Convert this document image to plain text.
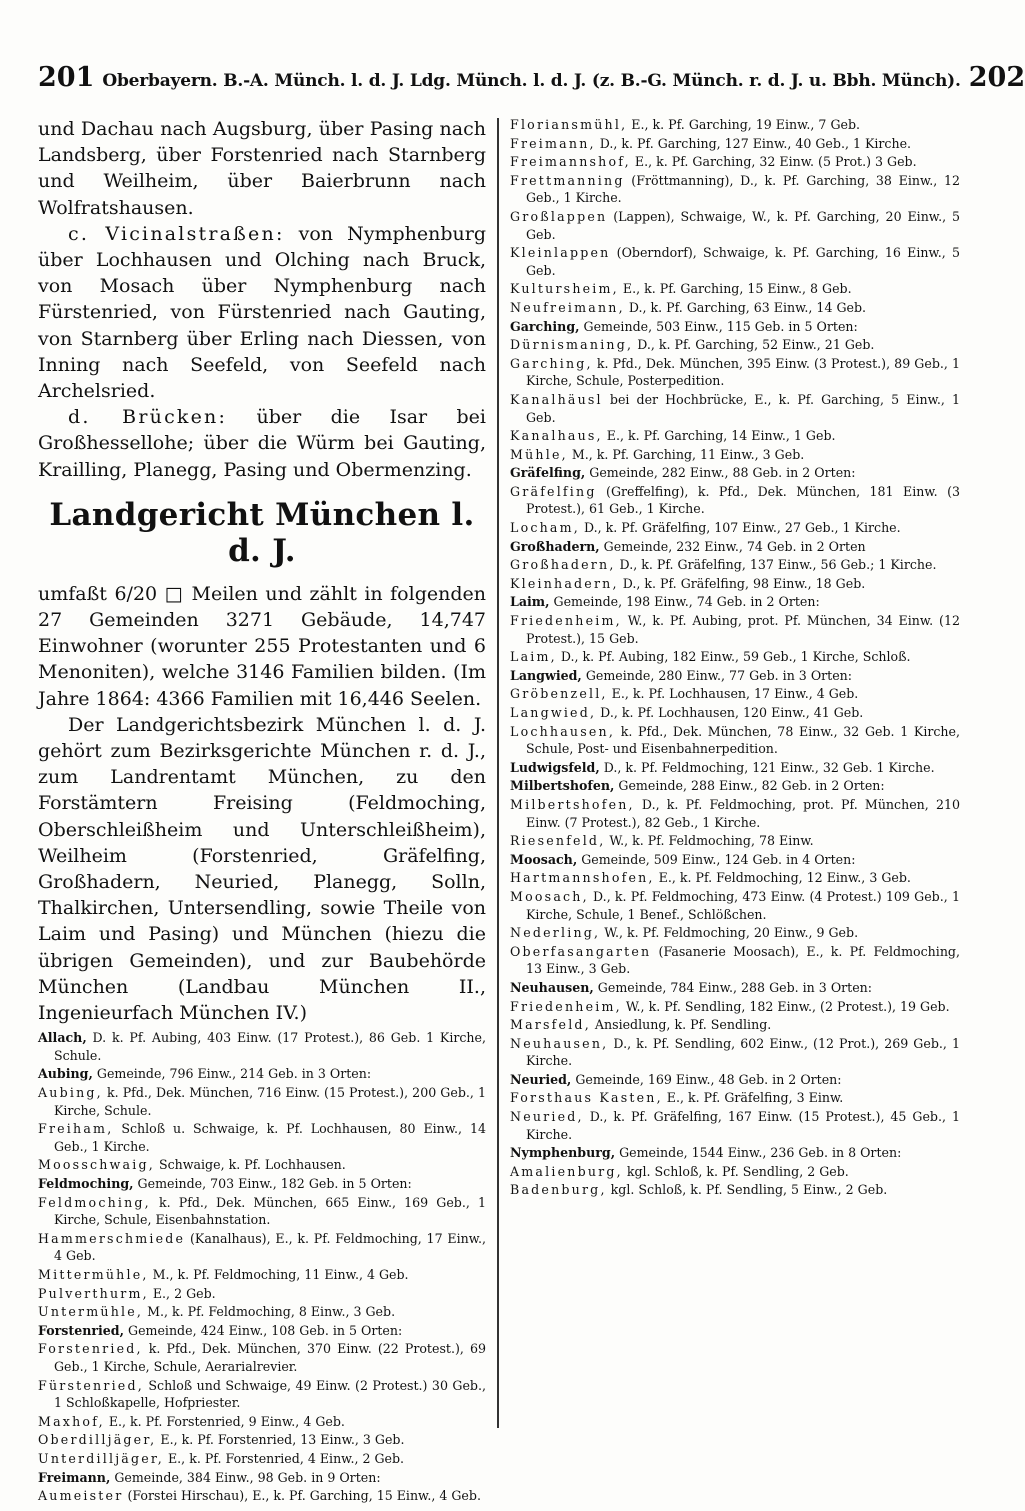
201 Oberbayern. B.-A. Münch. l. d. J. Ldg. Münch. l. d. J. (z. B.-G. Münch. r. d. J. u. Bbh. Münch). 202

und Dachau nach Augsburg, über Pasing nach Landsberg, über Forstenried nach Starnberg und Weilheim, über Baierbrunn nach Wolfratshausen.

c. Vicinalstraßen: von Nymphenburg über Lochhausen und Olching nach Bruck, von Mosach über Nymphenburg nach Fürstenried, von Fürstenried nach Gauting, von Starnberg über Erling nach Diessen, von Inning nach Seefeld, von Seefeld nach Archelsried.

d. Brücken: über die Isar bei Großhessellohe; über die Würm bei Gauting, Krailling, Planegg, Pasing und Obermenzing.

Landgericht München l. d. J.

umfaßt 6/20 □ Meilen und zählt in folgenden 27 Gemeinden 3271 Gebäude, 14,747 Einwohner (worunter 255 Protestanten und 6 Menoniten), welche 3146 Familien bilden. (Im Jahre 1864: 4366 Familien mit 16,446 Seelen.

Der Landgerichtsbezirk München l. d. J. gehört zum Bezirksgerichte München r. d. J., zum Landrentamt München, zu den Forstämtern Freising (Feldmoching, Oberschleißheim und Unterschleißheim), Weilheim (Forstenried, Gräfelfing, Großhadern, Neuried, Planegg, Solln, Thalkirchen, Untersendling, sowie Theile von Laim und Pasing) und München (hiezu die übrigen Gemeinden), und zur Baubehörde München (Landbau München II., Ingenieurfach München IV.)

Allach, D. k. Pf. Aubing, 403 Einw. (17 Protest.), 86 Geb. 1 Kirche, Schule.

Aubing, Gemeinde, 796 Einw., 214 Geb. in 3 Orten:

Aubing, k. Pfd., Dek. München, 716 Einw. (15 Protest.), 200 Geb., 1 Kirche, Schule.

Freiham, Schloß u. Schwaige, k. Pf. Lochhausen, 80 Einw., 14 Geb., 1 Kirche.

Moosschwaig, Schwaige, k. Pf. Lochhausen.

Feldmoching, Gemeinde, 703 Einw., 182 Geb. in 5 Orten:

Feldmoching, k. Pfd., Dek. München, 665 Einw., 169 Geb., 1 Kirche, Schule, Eisenbahnstation.

Hammerschmiede (Kanalhaus), E., k. Pf. Feldmoching, 17 Einw., 4 Geb.

Mittermühle, M., k. Pf. Feldmoching, 11 Einw., 4 Geb.

Pulverthurm, E., 2 Geb.

Untermühle, M., k. Pf. Feldmoching, 8 Einw., 3 Geb.

Forstenried, Gemeinde, 424 Einw., 108 Geb. in 5 Orten:

Forstenried, k. Pfd., Dek. München, 370 Einw. (22 Protest.), 69 Geb., 1 Kirche, Schule, Aerarialrevier.

Fürstenried, Schloß und Schwaige, 49 Einw. (2 Protest.) 30 Geb., 1 Schloßkapelle, Hofpriester.

Maxhof, E., k. Pf. Forstenried, 9 Einw., 4 Geb.

Oberdilljäger, E., k. Pf. Forstenried, 13 Einw., 3 Geb.

Unterdilljäger, E., k. Pf. Forstenried, 4 Einw., 2 Geb.

Freimann, Gemeinde, 384 Einw., 98 Geb. in 9 Orten:

Aumeister (Forstei Hirschau), E., k. Pf. Garching, 15 Einw., 4 Geb.

Floriansmühl, E., k. Pf. Garching, 19 Einw., 7 Geb.

Freimann, D., k. Pf. Garching, 127 Einw., 40 Geb., 1 Kirche.

Freimannshof, E., k. Pf. Garching, 32 Einw. (5 Prot.) 3 Geb.

Frettmanning (Fröttmanning), D., k. Pf. Garching, 38 Einw., 12 Geb., 1 Kirche.

Großlappen (Lappen), Schwaige, W., k. Pf. Garching, 20 Einw., 5 Geb.

Kleinlappen (Oberndorf), Schwaige, k. Pf. Garching, 16 Einw., 5 Geb.

Kultursheim, E., k. Pf. Garching, 15 Einw., 8 Geb.

Neufreimann, D., k. Pf. Garching, 63 Einw., 14 Geb.

Garching, Gemeinde, 503 Einw., 115 Geb. in 5 Orten:

Dürnismaning, D., k. Pf. Garching, 52 Einw., 21 Geb.

Garching, k. Pfd., Dek. München, 395 Einw. (3 Protest.), 89 Geb., 1 Kirche, Schule, Posterpedition.

Kanalhäusl bei der Hochbrücke, E., k. Pf. Garching, 5 Einw., 1 Geb.

Kanalhaus, E., k. Pf. Garching, 14 Einw., 1 Geb.

Mühle, M., k. Pf. Garching, 11 Einw., 3 Geb.

Gräfelfing, Gemeinde, 282 Einw., 88 Geb. in 2 Orten:

Gräfelfing (Greffelfing), k. Pfd., Dek. München, 181 Einw. (3 Protest.), 61 Geb., 1 Kirche.

Locham, D., k. Pf. Gräfelfing, 107 Einw., 27 Geb., 1 Kirche.

Großhadern, Gemeinde, 232 Einw., 74 Geb. in 2 Orten

Großhadern, D., k. Pf. Gräfelfing, 137 Einw., 56 Geb.; 1 Kirche.

Kleinhadern, D., k. Pf. Gräfelfing, 98 Einw., 18 Geb.

Laim, Gemeinde, 198 Einw., 74 Geb. in 2 Orten:

Friedenheim, W., k. Pf. Aubing, prot. Pf. München, 34 Einw. (12 Protest.), 15 Geb.

Laim, D., k. Pf. Aubing, 182 Einw., 59 Geb., 1 Kirche, Schloß.

Langwied, Gemeinde, 280 Einw., 77 Geb. in 3 Orten:

Gröbenzell, E., k. Pf. Lochhausen, 17 Einw., 4 Geb.

Langwied, D., k. Pf. Lochhausen, 120 Einw., 41 Geb.

Lochhausen, k. Pfd., Dek. München, 78 Einw., 32 Geb. 1 Kirche, Schule, Post- und Eisenbahnerpedition.

Ludwigsfeld, D., k. Pf. Feldmoching, 121 Einw., 32 Geb. 1 Kirche.

Milbertshofen, Gemeinde, 288 Einw., 82 Geb. in 2 Orten:

Milbertshofen, D., k. Pf. Feldmoching, prot. Pf. München, 210 Einw. (7 Protest.), 82 Geb., 1 Kirche.

Riesenfeld, W., k. Pf. Feldmoching, 78 Einw.

Moosach, Gemeinde, 509 Einw., 124 Geb. in 4 Orten:

Hartmannshofen, E., k. Pf. Feldmoching, 12 Einw., 3 Geb.

Moosach, D., k. Pf. Feldmoching, 473 Einw. (4 Protest.) 109 Geb., 1 Kirche, Schule, 1 Benef., Schlößchen.

Nederling, W., k. Pf. Feldmoching, 20 Einw., 9 Geb.

Oberfasangarten (Fasanerie Moosach), E., k. Pf. Feldmoching, 13 Einw., 3 Geb.

Neuhausen, Gemeinde, 784 Einw., 288 Geb. in 3 Orten:

Friedenheim, W., k. Pf. Sendling, 182 Einw., (2 Protest.), 19 Geb.

Marsfeld, Ansiedlung, k. Pf. Sendling.

Neuhausen, D., k. Pf. Sendling, 602 Einw., (12 Prot.), 269 Geb., 1 Kirche.

Neuried, Gemeinde, 169 Einw., 48 Geb. in 2 Orten:

Forsthaus Kasten, E., k. Pf. Gräfelfing, 3 Einw.

Neuried, D., k. Pf. Gräfelfing, 167 Einw. (15 Protest.), 45 Geb., 1 Kirche.

Nymphenburg, Gemeinde, 1544 Einw., 236 Geb. in 8 Orten:

Amalienburg, kgl. Schloß, k. Pf. Sendling, 2 Geb.

Badenburg, kgl. Schloß, k. Pf. Sendling, 5 Einw., 2 Geb.
